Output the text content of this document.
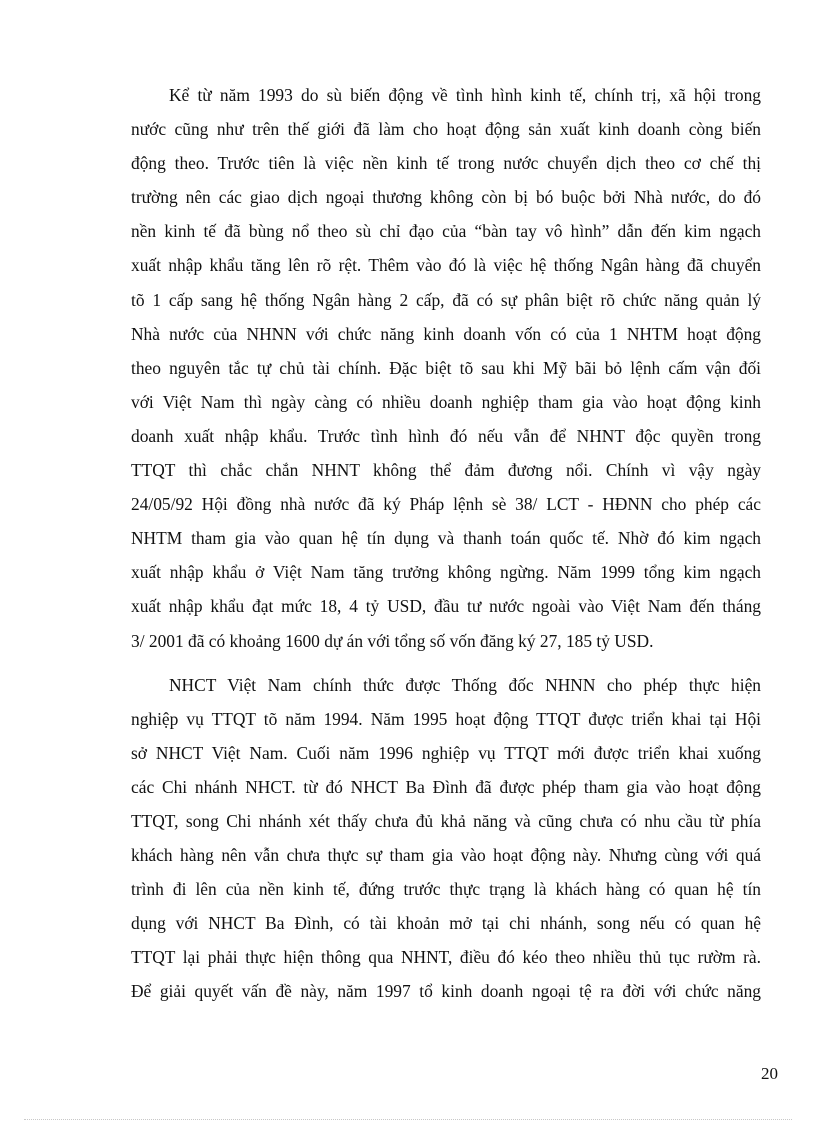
Kể từ năm 1993 do sù biến động về tình hình kinh tế, chính trị, xã hội trong
nước cũng như trên thế giới đã làm cho hoạt động sản xuất kinh doanh còng biến
động theo. Trước tiên là việc nền kinh tế trong nước chuyển dịch theo cơ chế thị
trường nên các giao dịch ngoại thương không còn bị bó buộc bởi Nhà nước, do đó
nền kinh tế đã bùng nổ theo sù chỉ đạo của “bàn tay vô hình” dẫn đến kim ngạch
xuất nhập khẩu tăng lên rõ rệt. Thêm vào đó là việc hệ thống Ngân hàng đã chuyển
tõ 1 cấp sang hệ thống Ngân hàng 2 cấp, đã có sự phân biệt rõ chức năng quản lý
Nhà nước của NHNN với chức năng kinh doanh vốn có của 1 NHTM hoạt động
theo nguyên tắc tự chủ tài chính. Đặc biệt tõ sau khi Mỹ bãi bỏ lệnh cấm vận đối
với Việt Nam thì ngày càng có nhiều doanh nghiệp tham gia vào hoạt động kinh
doanh xuất nhập khẩu. Trước tình hình đó nếu vẫn để NHNT độc quyền trong
TTQT thì chắc chắn NHNT không thể đảm đương nổi. Chính vì vậy ngày
24/05/92 Hội đồng nhà nước đã ký Pháp lệnh sè 38/ LCT - HĐNN cho phép các
NHTM tham gia vào quan hệ tín dụng và thanh toán quốc tế. Nhờ đó kim ngạch
xuất nhập khẩu ở Việt Nam tăng trưởng không ngừng. Năm 1999 tổng kim ngạch
xuất nhập khẩu đạt mức 18, 4 tỷ USD, đầu tư nước ngoài vào Việt Nam đến tháng
3/ 2001 đã có khoảng 1600 dự án với tổng số vốn đăng ký 27, 185 tỷ USD.
NHCT Việt Nam chính thức được Thống đốc NHNN cho phép thực hiện
nghiệp vụ TTQT tõ năm 1994. Năm 1995 hoạt động TTQT được triển khai tại Hội
sở NHCT Việt Nam. Cuối năm 1996 nghiệp vụ TTQT mới được triển khai xuống
các Chi nhánh NHCT. từ đó NHCT Ba Đình đã được phép tham gia vào hoạt động
TTQT, song Chi nhánh xét thấy chưa đủ khả năng và cũng chưa có nhu cầu từ phía
khách hàng nên vẫn chưa thực sự tham gia vào hoạt động này. Nhưng cùng với quá
trình đi lên của nền kinh tế, đứng trước thực trạng là khách hàng có quan hệ tín
dụng với NHCT Ba Đình, có tài khoản mở tại chi nhánh, song nếu có quan hệ
TTQT lại phải thực hiện thông qua NHNT, điều đó kéo theo nhiều thủ tục rườm rà.
Để giải quyết vấn đề này, năm 1997 tổ kinh doanh ngoại tệ ra đời với chức năng
20
